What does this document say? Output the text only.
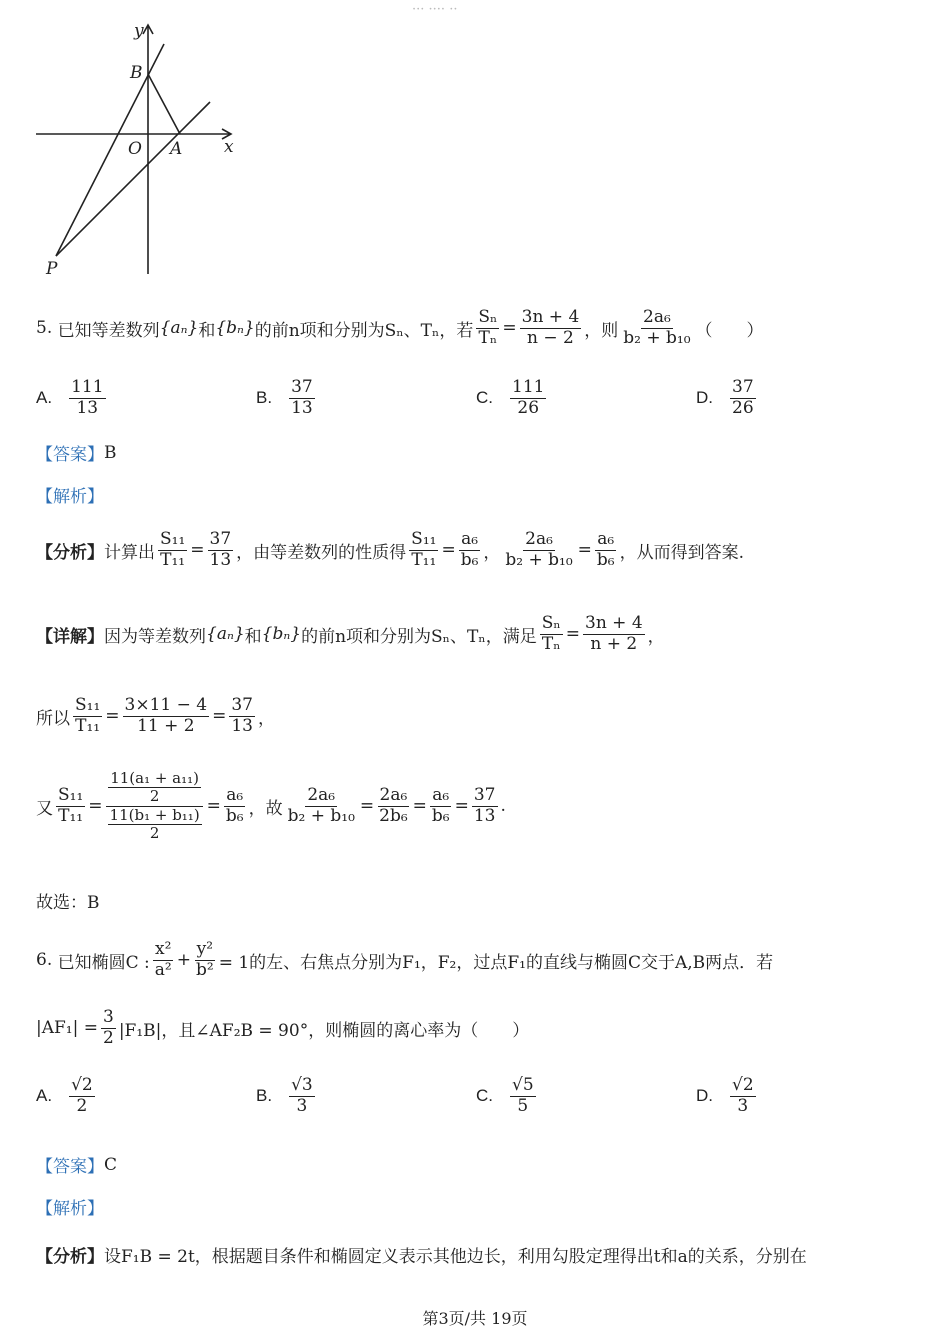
··· ···· ··
y
x
B
O A
P
5.
已知等差数列 {aₙ} 和 {bₙ} 的前n项和分别为Sₙ、Tₙ，若 $\frac{\text{Sₙ}}{\text{Tₙ}} = \frac{3n + 4}{n - 2}$ ，则 $\frac{\text{2a₆}}{\text{b₂ + b₁₀}}$ （　　）
A. $\frac{111}{13}$	B. $\frac{37}{13}$	C. $\frac{111}{26}$	D. $\frac{37}{26}$
【答案】 B
【解析】
【分析】 计算出 $\frac{\text{S₁₁}}{\text{T₁₁}} = \frac{37}{13}$ ，由等差数列的性质得 $\frac{\text{S₁₁}}{\text{T₁₁}} = \frac{\text{a₆}}{\text{b₆}}$ ， $\frac{\text{2a₆}}{\text{b₂ + b₁₀}} = \frac{\text{a₆}}{\text{b₆}}$ ，从而得到答案.
【详解】 因为等差数列 {aₙ} 和 {bₙ} 的前n项和分别为Sₙ、Tₙ，满足 $\frac{\text{Sₙ}}{\text{Tₙ}} = \frac{3n + 4}{n + 2}$ ，
所以 $\frac{\text{S₁₁}}{\text{T₁₁}} = \frac{3\times 11 - 4}{11 + 2} = \frac{37}{13}$ ，
又 $\frac{\text{S₁₁}}{\text{T₁₁}} = \frac{\frac{\text{11(a₁ + a₁₁)}}{2}}{\frac{\text{11(b₁ + b₁₁)}}{2}} = \frac{\text{a₆}}{\text{b₆}}$ ，故 $\frac{\text{2a₆}}{\text{b₂ + b₁₀}} = \frac{\text{2a₆}}{\text{2b₆}} = \frac{\text{a₆}}{\text{b₆}} = \frac{37}{13}$ .
故选：B
6.
已知椭圆C : $\frac{\text{x²}}{\text{a²}} + \frac{\text{y²}}{\text{b²}} = 1$的左、右焦点分别为F₁，F₂，过点F₁的直线与椭圆C交于A,B两点．若
$|AF_1| = \frac{3}{2} |F_1B|$，且∠AF₂B = 90°，则椭圆的离心率为（　　）
A. $\frac{√2}{2}$	B. $\frac{√3}{3}$	C. $\frac{√5}{5}$	D. $\frac{√2}{3}$
【答案】 C
【解析】
【分析】 设F₁B = 2t，根据题目条件和椭圆定义表示其他边长，利用勾股定理得出t和a的关系，分别在
第3页/共 19页
